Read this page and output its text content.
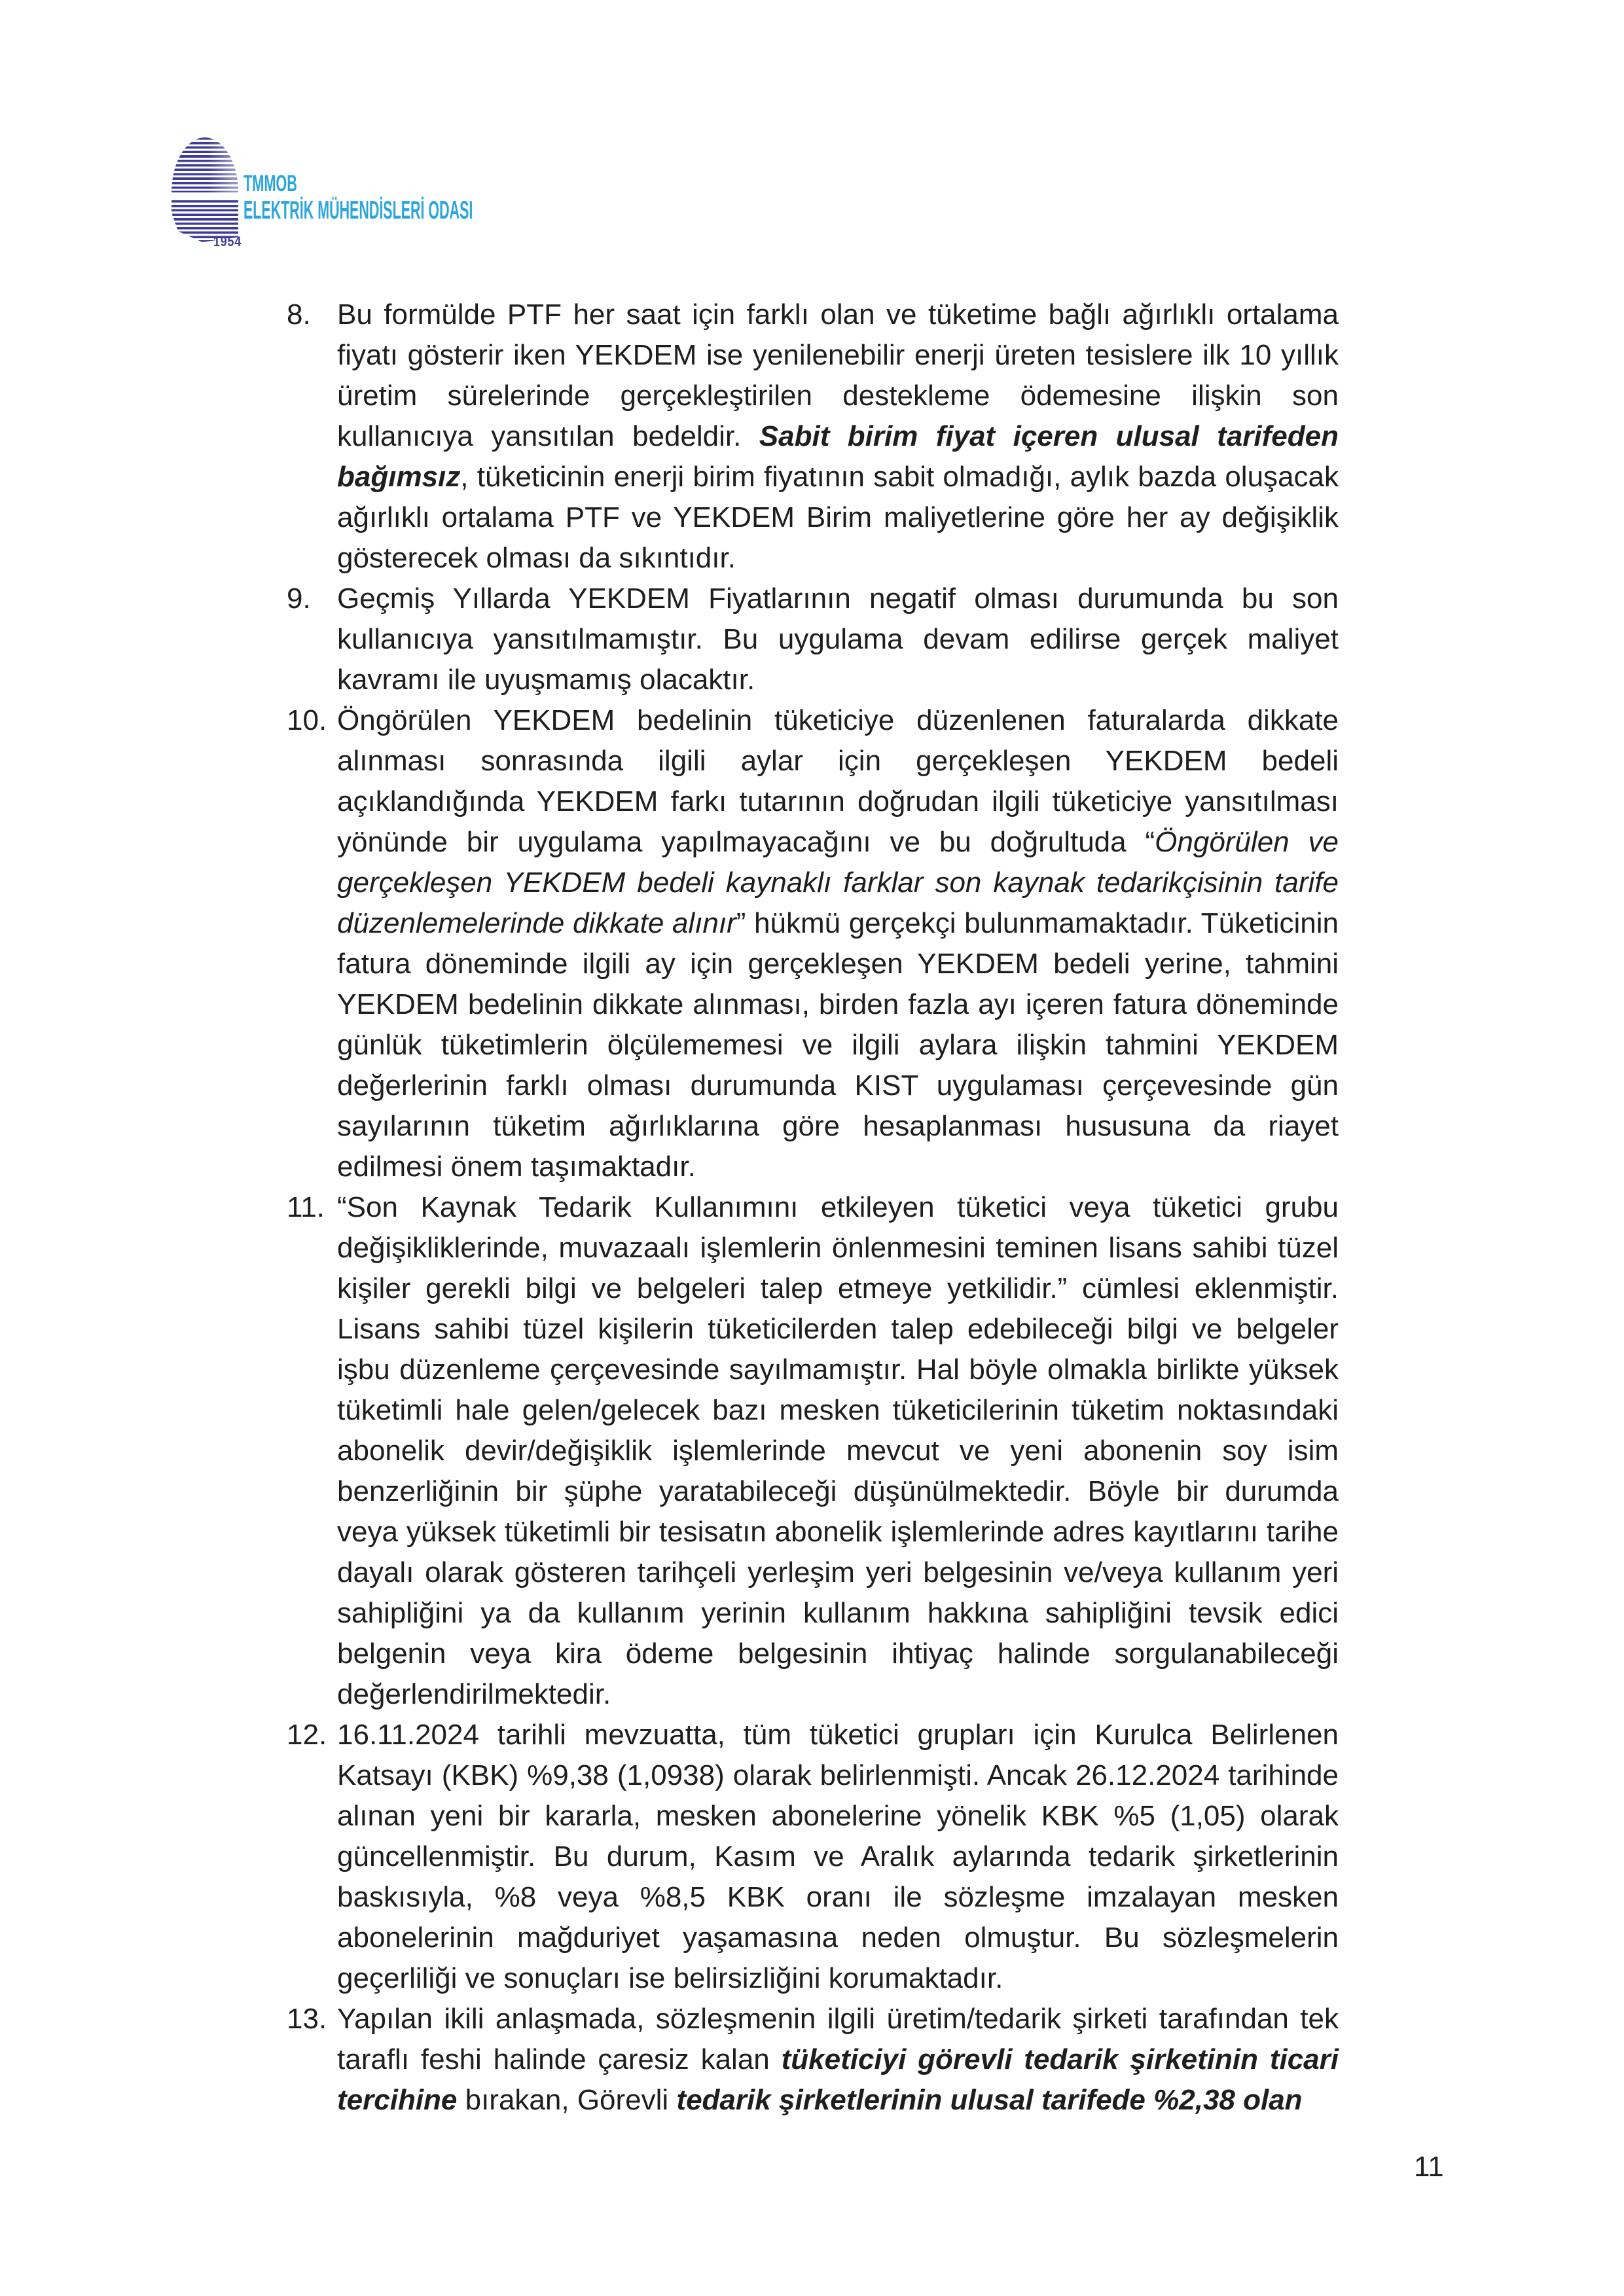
1954
TMMOB
ELEKTRİK MÜHENDİSLERİ ODASI
8. Bu formülde PTF her saat için farklı olan ve tüketime bağlı ağırlıklı ortalama fiyatı gösterir iken YEKDEM ise yenilenebilir enerji üreten tesislere ilk 10 yıllık üretim sürelerinde gerçekleştirilen destekleme ödemesine ilişkin son kullanıcıya yansıtılan bedeldir. Sabit birim fiyat içeren ulusal tarifeden bağımsız, tüketicinin enerji birim fiyatının sabit olmadığı, aylık bazda oluşacak ağırlıklı ortalama PTF ve YEKDEM Birim maliyetlerine göre her ay değişiklik gösterecek olması da sıkıntıdır.
9. Geçmiş Yıllarda YEKDEM Fiyatlarının negatif olması durumunda bu son kullanıcıya yansıtılmamıştır. Bu uygulama devam edilirse gerçek maliyet kavramı ile uyuşmamış olacaktır.
10. Öngörülen YEKDEM bedelinin tüketiciye düzenlenen faturalarda dikkate alınması sonrasında ilgili aylar için gerçekleşen YEKDEM bedeli açıklandığında YEKDEM farkı tutarının doğrudan ilgili tüketiciye yansıtılması yönünde bir uygulama yapılmayacağını ve bu doğrultuda “Öngörülen ve gerçekleşen YEKDEM bedeli kaynaklı farklar son kaynak tedarikçisinin tarife düzenlemelerinde dikkate alınır” hükmü gerçekçi bulunmamaktadır. Tüketicinin fatura döneminde ilgili ay için gerçekleşen YEKDEM bedeli yerine, tahmini YEKDEM bedelinin dikkate alınması, birden fazla ayı içeren fatura döneminde günlük tüketimlerin ölçülememesi ve ilgili aylara ilişkin tahmini YEKDEM değerlerinin farklı olması durumunda KIST uygulaması çerçevesinde gün sayılarının tüketim ağırlıklarına göre hesaplanması hususuna da riayet edilmesi önem taşımaktadır.
11. “Son Kaynak Tedarik Kullanımını etkileyen tüketici veya tüketici grubu değişikliklerinde, muvazaalı işlemlerin önlenmesini teminen lisans sahibi tüzel kişiler gerekli bilgi ve belgeleri talep etmeye yetkilidir.” cümlesi eklenmiştir. Lisans sahibi tüzel kişilerin tüketicilerden talep edebileceği bilgi ve belgeler işbu düzenleme çerçevesinde sayılmamıştır. Hal böyle olmakla birlikte yüksek tüketimli hale gelen/gelecek bazı mesken tüketicilerinin tüketim noktasındaki abonelik devir/değişiklik işlemlerinde mevcut ve yeni abonenin soy isim benzerliğinin bir şüphe yaratabileceği düşünülmektedir. Böyle bir durumda veya yüksek tüketimli bir tesisatın abonelik işlemlerinde adres kayıtlarını tarihe dayalı olarak gösteren tarihçeli yerleşim yeri belgesinin ve/veya kullanım yeri sahipliğini ya da kullanım yerinin kullanım hakkına sahipliğini tevsik edici belgenin veya kira ödeme belgesinin ihtiyaç halinde sorgulanabileceği değerlendirilmektedir.
12. 16.11.2024 tarihli mevzuatta, tüm tüketici grupları için Kurulca Belirlenen Katsayı (KBK) %9,38 (1,0938) olarak belirlenmişti. Ancak 26.12.2024 tarihinde alınan yeni bir kararla, mesken abonelerine yönelik KBK %5 (1,05) olarak güncellenmiştir. Bu durum, Kasım ve Aralık aylarında tedarik şirketlerinin baskısıyla, %8 veya %8,5 KBK oranı ile sözleşme imzalayan mesken abonelerinin mağduriyet yaşamasına neden olmuştur. Bu sözleşmelerin geçerliliği ve sonuçları ise belirsizliğini korumaktadır.
13. Yapılan ikili anlaşmada, sözleşmenin ilgili üretim/tedarik şirketi tarafından tek taraflı feshi halinde çaresiz kalan tüketiciyi görevli tedarik şirketinin ticari tercihine bırakan, Görevli tedarik şirketlerinin ulusal tarifede %2,38 olan
11
